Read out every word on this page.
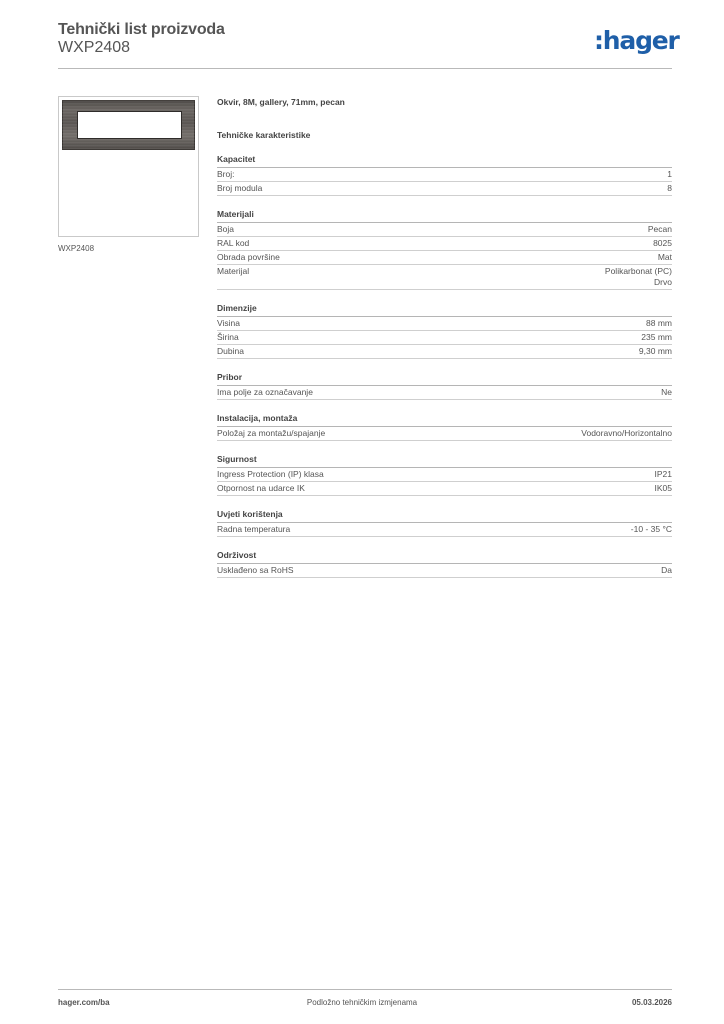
Tehnički list proizvoda
WXP2408	:hager
WXP2408
Okvir, 8M, gallery, 71mm, pecan
Tehničke karakteristike
Kapacitet
Broj:	1
Broj modula	8
Materijali
Boja	Pecan
RAL kod	8025
Obrada površine	Mat
Materijal	Polikarbonat (PC)
Drvo
Dimenzije
Visina	88 mm
Širina	235 mm
Dubina	9,30 mm
Pribor
Ima polje za označavanje	Ne
Instalacija, montaža
Položaj za montažu/spajanje	Vodoravno/Horizontalno
Sigurnost
Ingress Protection (IP) klasa	IP21
Otpornost na udarce IK	IK05
Uvjeti korištenja
Radna temperatura	-10 - 35 °C
Održivost
Usklađeno sa RoHS	Da
hager.com/ba	Podložno tehničkim izmjenama	05.03.2026
